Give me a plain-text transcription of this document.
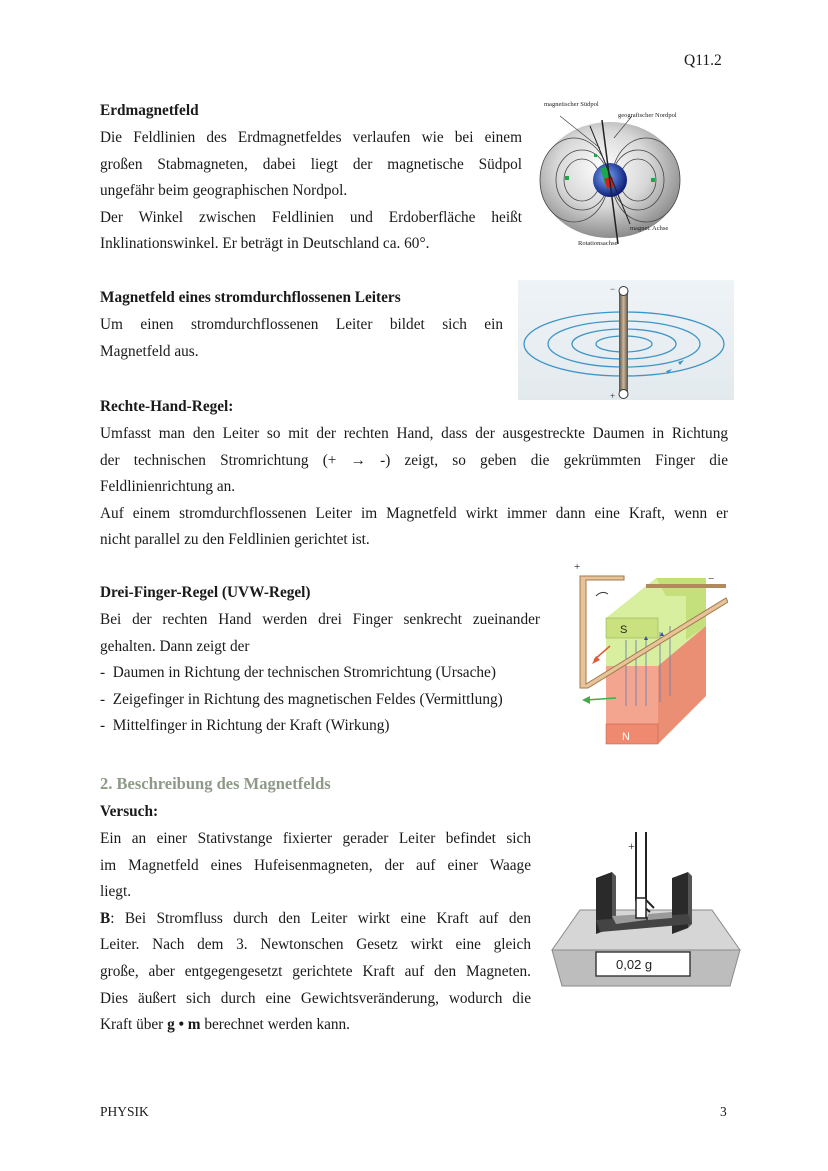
Q11.2
Erdmagnetfeld
Die Feldlinien des Erdmagnetfeldes verlaufen wie bei einem
großen Stabmagneten, dabei liegt der magnetische Südpol
ungefähr beim geographischen Nordpol.
Der Winkel zwischen Feldlinien und Erdoberfläche heißt
Inklinationswinkel. Er beträgt in Deutschland ca. 60°.
magnetischer Südpol
geografischer Nordpol
magnet. Achse
Rotationsachse
Magnetfeld eines stromdurchflossenen Leiters
Um einen stromdurchflossenen Leiter bildet sich ein
Magnetfeld aus.
−
+
Rechte-Hand-Regel:
Umfasst man den Leiter so mit der rechten Hand, dass der ausgestreckte Daumen in Richtung
der technischen Stromrichtung (+ → -) zeigt, so geben die gekrümmten Finger die
Feldlinienrichtung an.
Auf einem stromdurchflossenen Leiter im Magnetfeld wirkt immer dann eine Kraft, wenn er
nicht parallel zu den Feldlinien gerichtet ist.
Drei-Finger-Regel (UVW-Regel)
Bei der rechten Hand werden drei Finger senkrecht zueinander
gehalten. Dann zeigt der
-  Daumen in Richtung der technischen Stromrichtung (Ursache)
-  Zeigefinger in Richtung des magnetischen Feldes (Vermittlung)
-  Mittelfinger in Richtung der Kraft (Wirkung)
S
N
+
−
2. Beschreibung des Magnetfelds
Versuch:
Ein an einer Stativstange fixierter gerader Leiter befindet sich
im Magnetfeld eines Hufeisenmagneten, der auf einer Waage
liegt.
B: Bei Stromfluss durch den Leiter wirkt eine Kraft auf den
Leiter. Nach dem 3. Newtonschen Gesetz wirkt eine gleich
große, aber entgegengesetzt gerichtete Kraft auf den Magneten.
Dies äußert sich durch eine Gewichtsveränderung, wodurch die
Kraft über g • m berechnet werden kann.
0,02 g
+
PHYSIK	3
